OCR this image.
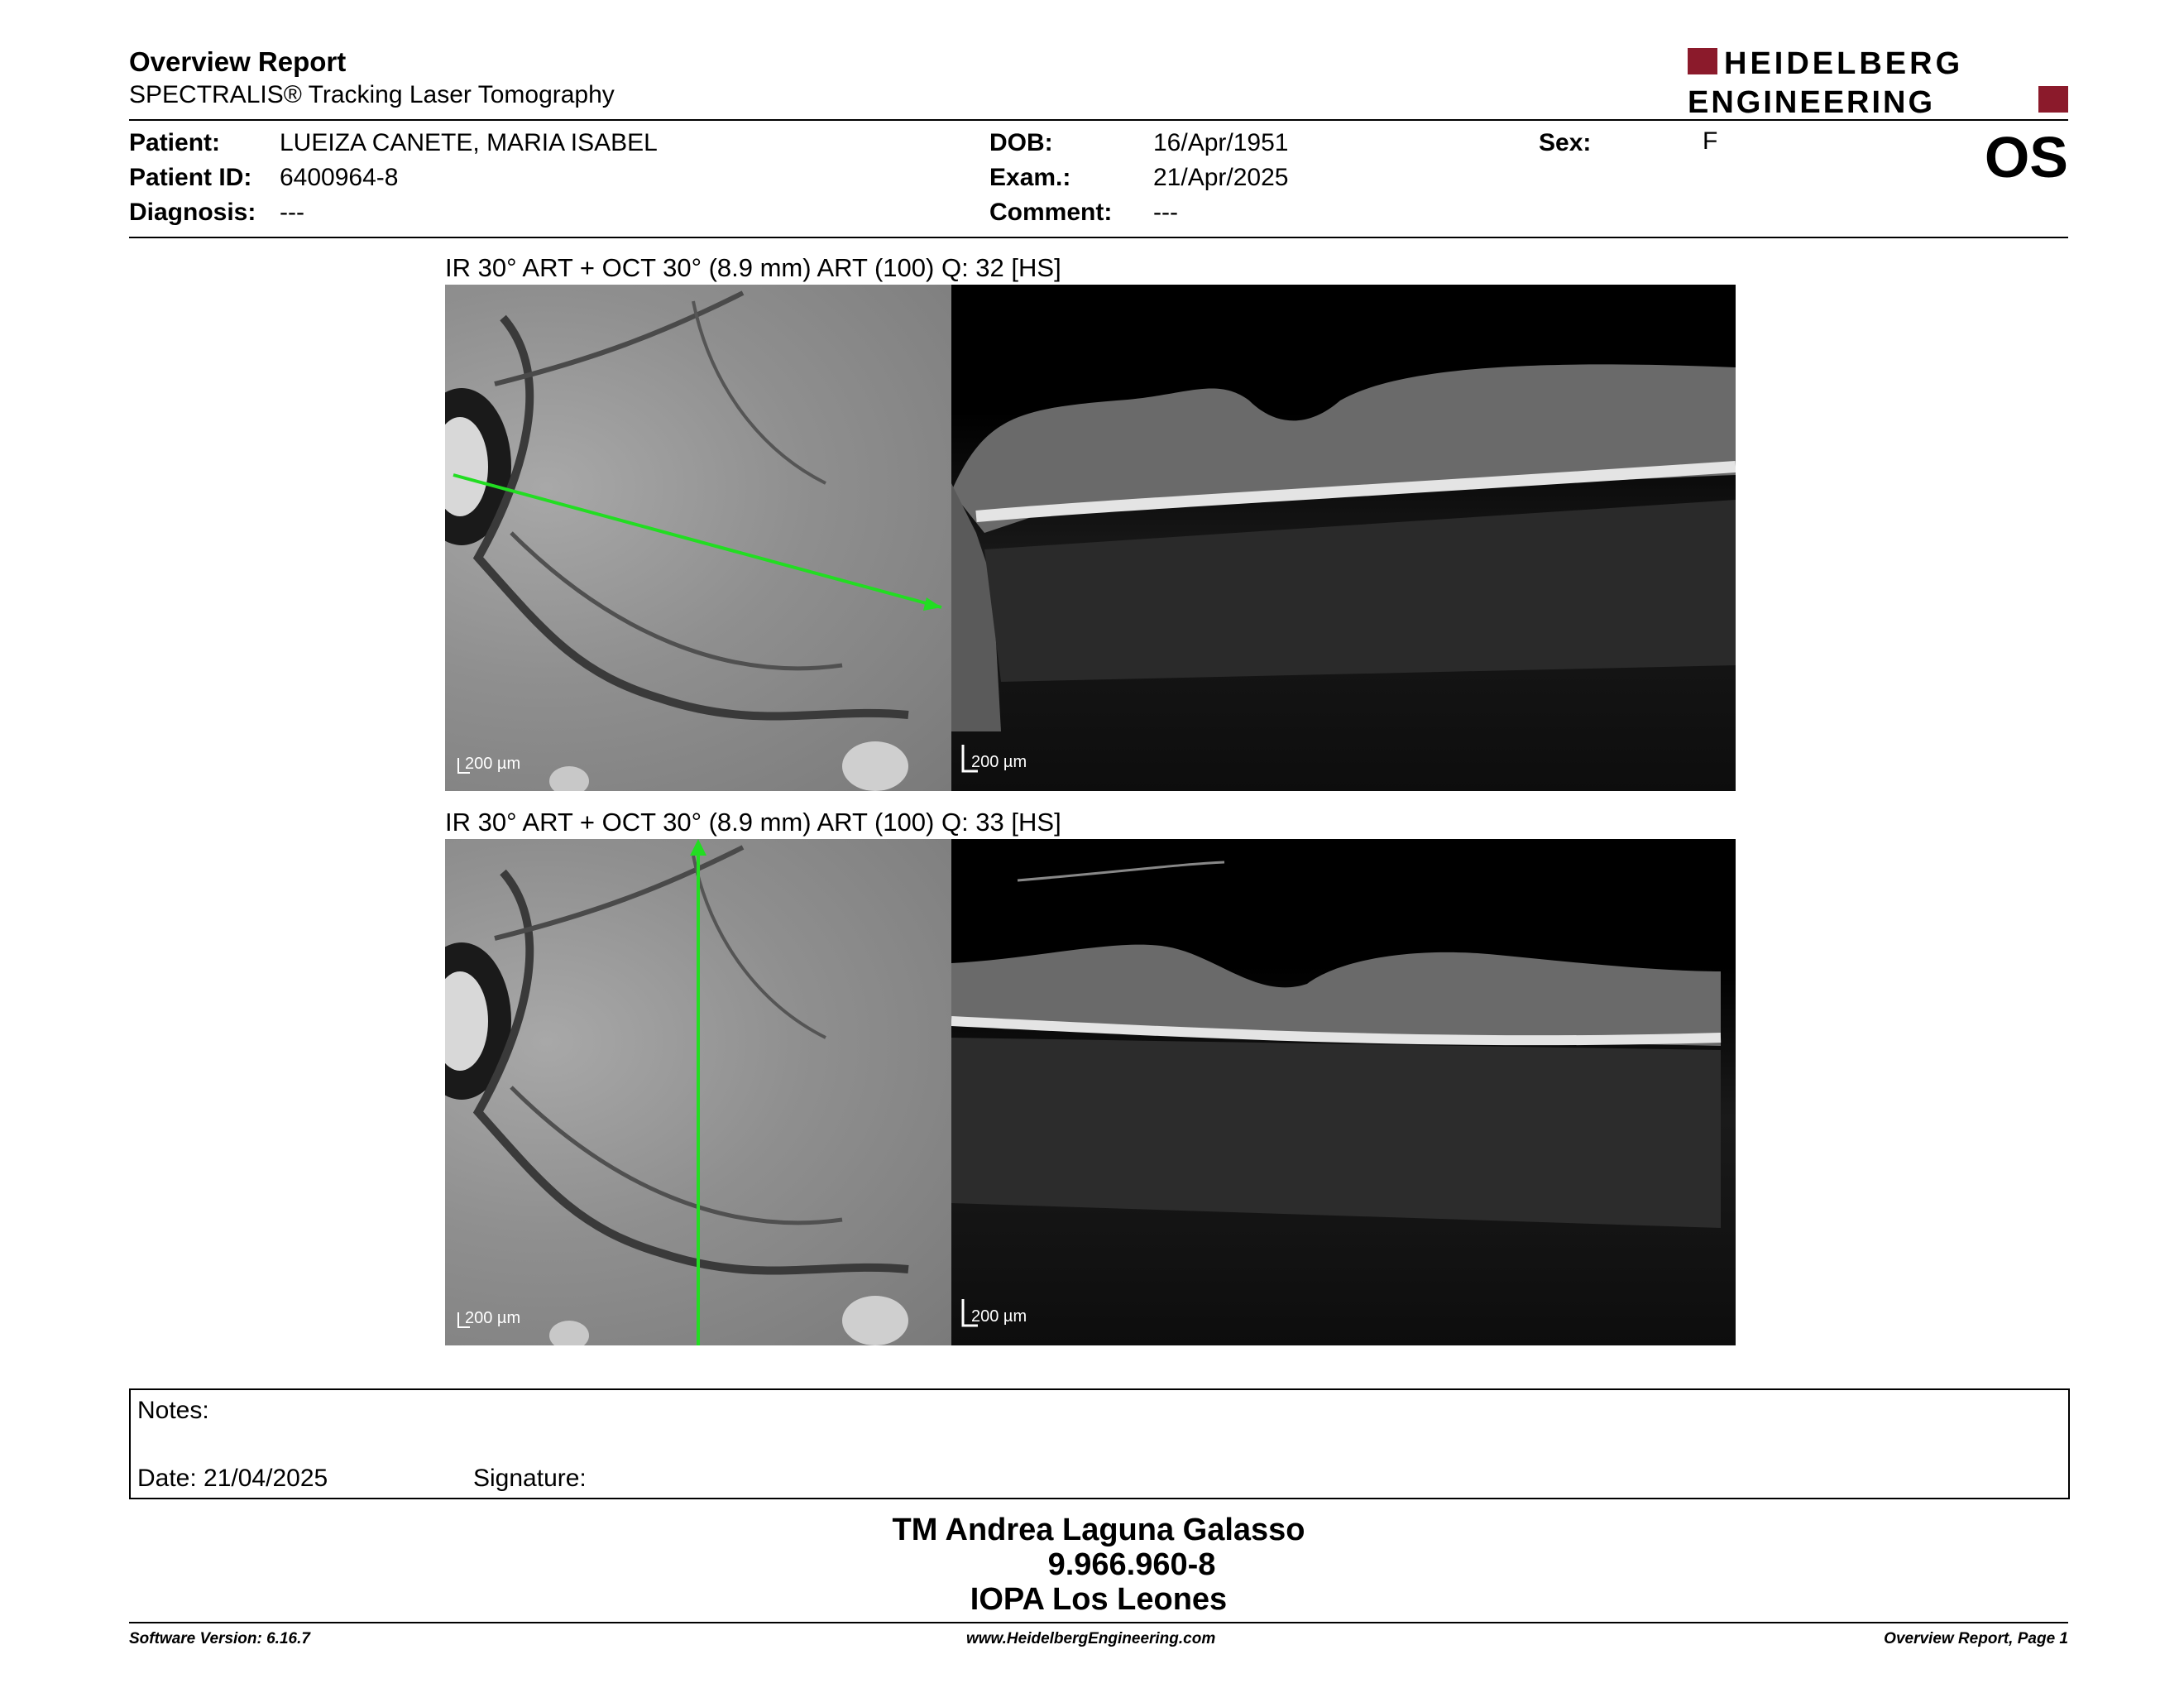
Overview Report
SPECTRALIS® Tracking Laser Tomography
HEIDELBERG
ENGINEERING
Patient: LUEIZA CANETE, MARIA ISABEL
Patient ID: 6400964-8
Diagnosis: ---
DOB:	16/Apr/1951
Exam.:	21/Apr/2025
Comment: ---
Sex:	F	OS
IR 30° ART + OCT 30° (8.9 mm) ART (100) Q: 32 [HS]
200 µm	200 µm
IR 30° ART + OCT 30° (8.9 mm) ART (100) Q: 33 [HS]
200 µm	200 µm
Notes:
Date: 21/04/2025	Signature:
TM Andrea Laguna Galasso
9.966.960-8
IOPA Los Leones
Software Version: 6.16.7	www.HeidelbergEngineering.com	Overview Report, Page 1
